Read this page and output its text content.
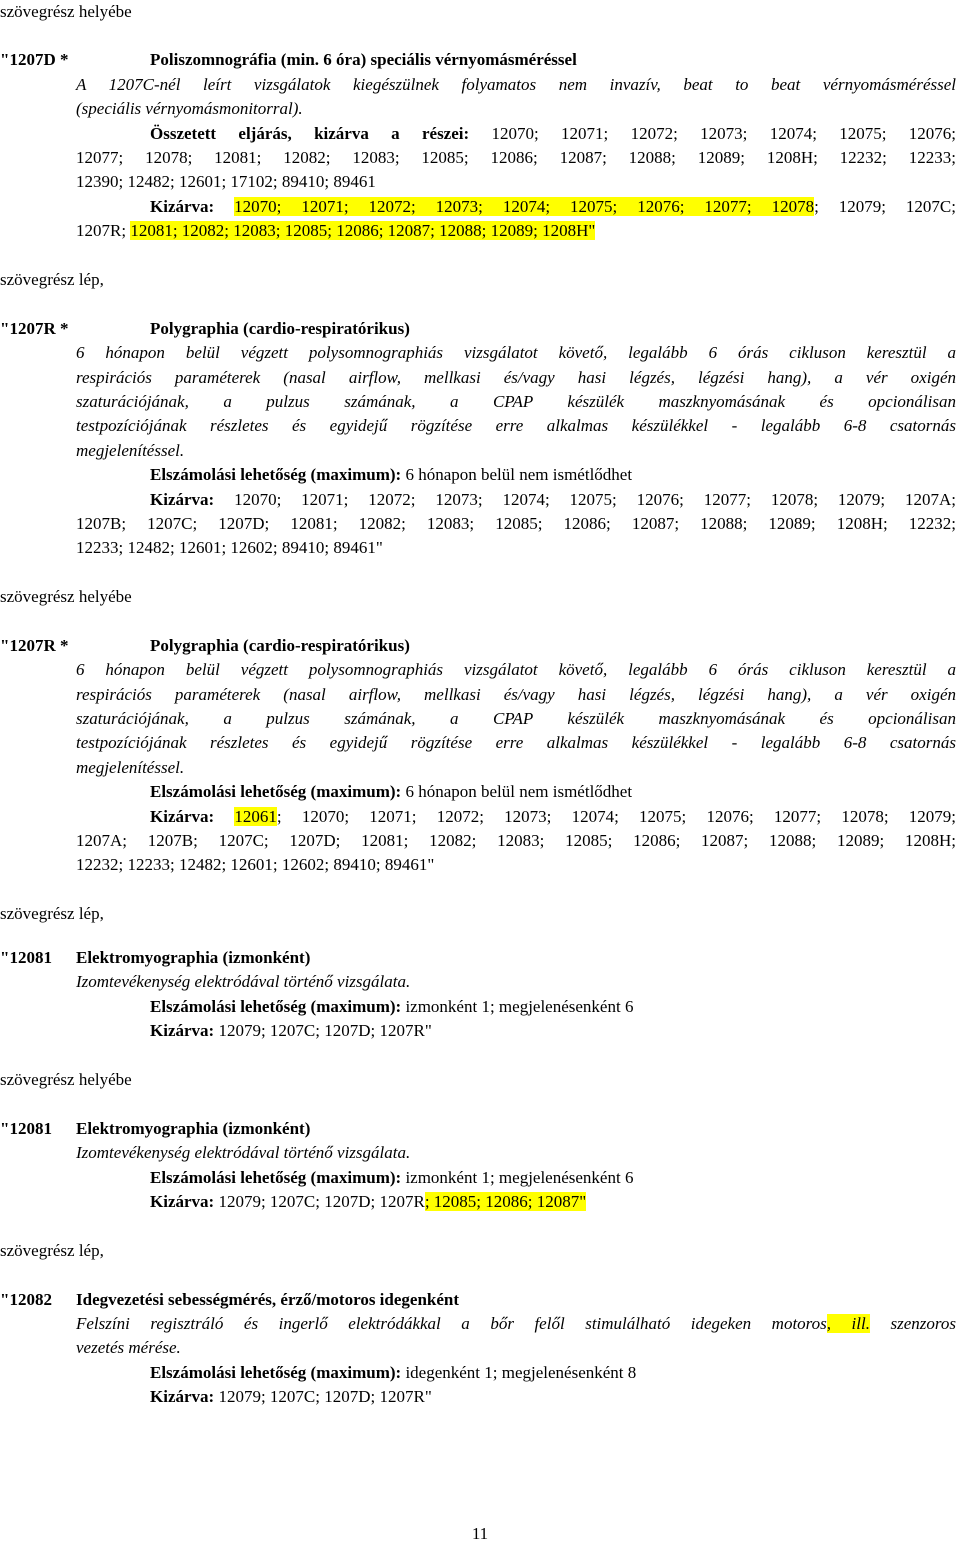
szövegrész helyébe
"1207D *	Poliszomnográfia (min. 6 óra) speciális vérnyomásméréssel
A 1207C-nél leírt vizsgálatok kiegészülnek folyamatos nem invazív, beat to beat vérnyomásméréssel
(speciális vérnyomásmonitorral).
Összetett eljárás, kizárva a részei: 12070; 12071; 12072; 12073; 12074; 12075; 12076;
12077; 12078; 12081; 12082; 12083; 12085; 12086; 12087; 12088; 12089; 1208H; 12232; 12233;
12390; 12482; 12601; 17102; 89410; 89461
Kizárva: 12070; 12071; 12072; 12073; 12074; 12075; 12076; 12077; 12078; 12079; 1207C;
1207R; 12081; 12082; 12083; 12085; 12086; 12087; 12088; 12089; 1208H"
szövegrész lép,
"1207R *	Polygraphia (cardio-respiratórikus)
6 hónapon belül végzett polysomnographiás vizsgálatot követő, legalább 6 órás cikluson keresztül a
respirációs paraméterek (nasal airflow, mellkasi és/vagy hasi légzés, légzési hang), a vér oxigén
szaturációjának, a pulzus számának, a CPAP készülék maszknyomásának és opcionálisan
testpozíciójának részletes és egyidejű rögzítése erre alkalmas készülékkel - legalább 6-8 csatornás
megjelenítéssel.
Elszámolási lehetőség (maximum): 6 hónapon belül nem ismétlődhet
Kizárva: 12070; 12071; 12072; 12073; 12074; 12075; 12076; 12077; 12078; 12079; 1207A;
1207B; 1207C; 1207D; 12081; 12082; 12083; 12085; 12086; 12087; 12088; 12089; 1208H; 12232;
12233; 12482; 12601; 12602; 89410; 89461"
szövegrész helyébe
"1207R *	Polygraphia (cardio-respiratórikus)
6 hónapon belül végzett polysomnographiás vizsgálatot követő, legalább 6 órás cikluson keresztül a
respirációs paraméterek (nasal airflow, mellkasi és/vagy hasi légzés, légzési hang), a vér oxigén
szaturációjának, a pulzus számának, a CPAP készülék maszknyomásának és opcionálisan
testpozíciójának részletes és egyidejű rögzítése erre alkalmas készülékkel - legalább 6-8 csatornás
megjelenítéssel.
Elszámolási lehetőség (maximum): 6 hónapon belül nem ismétlődhet
Kizárva: 12061; 12070; 12071; 12072; 12073; 12074; 12075; 12076; 12077; 12078; 12079;
1207A; 1207B; 1207C; 1207D; 12081; 12082; 12083; 12085; 12086; 12087; 12088; 12089; 1208H;
12232; 12233; 12482; 12601; 12602; 89410; 89461"
szövegrész lép,
"12081 Elektromyographia (izmonként)
Izomtevékenység elektródával történő vizsgálata.
Elszámolási lehetőség (maximum): izmonként 1; megjelenésenként 6
Kizárva: 12079; 1207C; 1207D; 1207R"
szövegrész helyébe
"12081 Elektromyographia (izmonként)
Izomtevékenység elektródával történő vizsgálata.
Elszámolási lehetőség (maximum): izmonként 1; megjelenésenként 6
Kizárva: 12079; 1207C; 1207D; 1207R; 12085; 12086; 12087"
szövegrész lép,
"12082 Idegvezetési sebességmérés, érző/motoros idegenként
Felszíni regisztráló és ingerlő elektródákkal a bőr felől stimulálható idegeken motoros, ill. szenzoros
vezetés mérése.
Elszámolási lehetőség (maximum): idegenként 1; megjelenésenként 8
Kizárva: 12079; 1207C; 1207D; 1207R"
11
